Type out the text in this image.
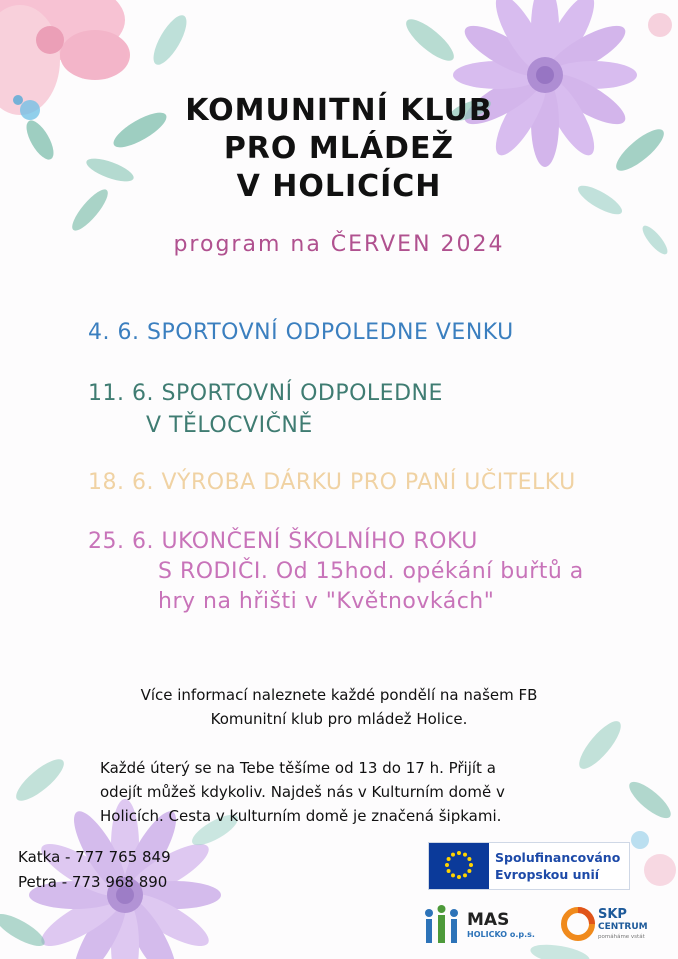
KOMUNITNÍ KLUB
PRO MLÁDEŽ
V HOLICÍCH
program na ČERVEN 2024
4. 6. SPORTOVNÍ ODPOLEDNE VENKU
11. 6. SPORTOVNÍ ODPOLEDNE
V TĚLOCVIČNĚ
18. 6. VÝROBA DÁRKU PRO PANÍ UČITELKU
25. 6. UKONČENÍ ŠKOLNÍHO ROKU
S RODIČI. Od 15hod. opékání buřtů a
hry na hřišti v "Květnovkách"
Více informací naleznete každé pondělí na našem FB
Komunitní klub pro mládež Holice.
Každé úterý se na Tebe těšíme od 13 do 17 h. Přijít a
odejít můžeš kdykoliv. Najdeš nás v Kulturním domě v
Holicích. Cesta v kulturním domě je značená šipkami.
Katka - 777 765 849
Petra - 773 968 890
Spolufinancováno
Evropskou unií
MAS
HOLICKO o.p.s.
SKP
CENTRUM
pomáháme vstát
